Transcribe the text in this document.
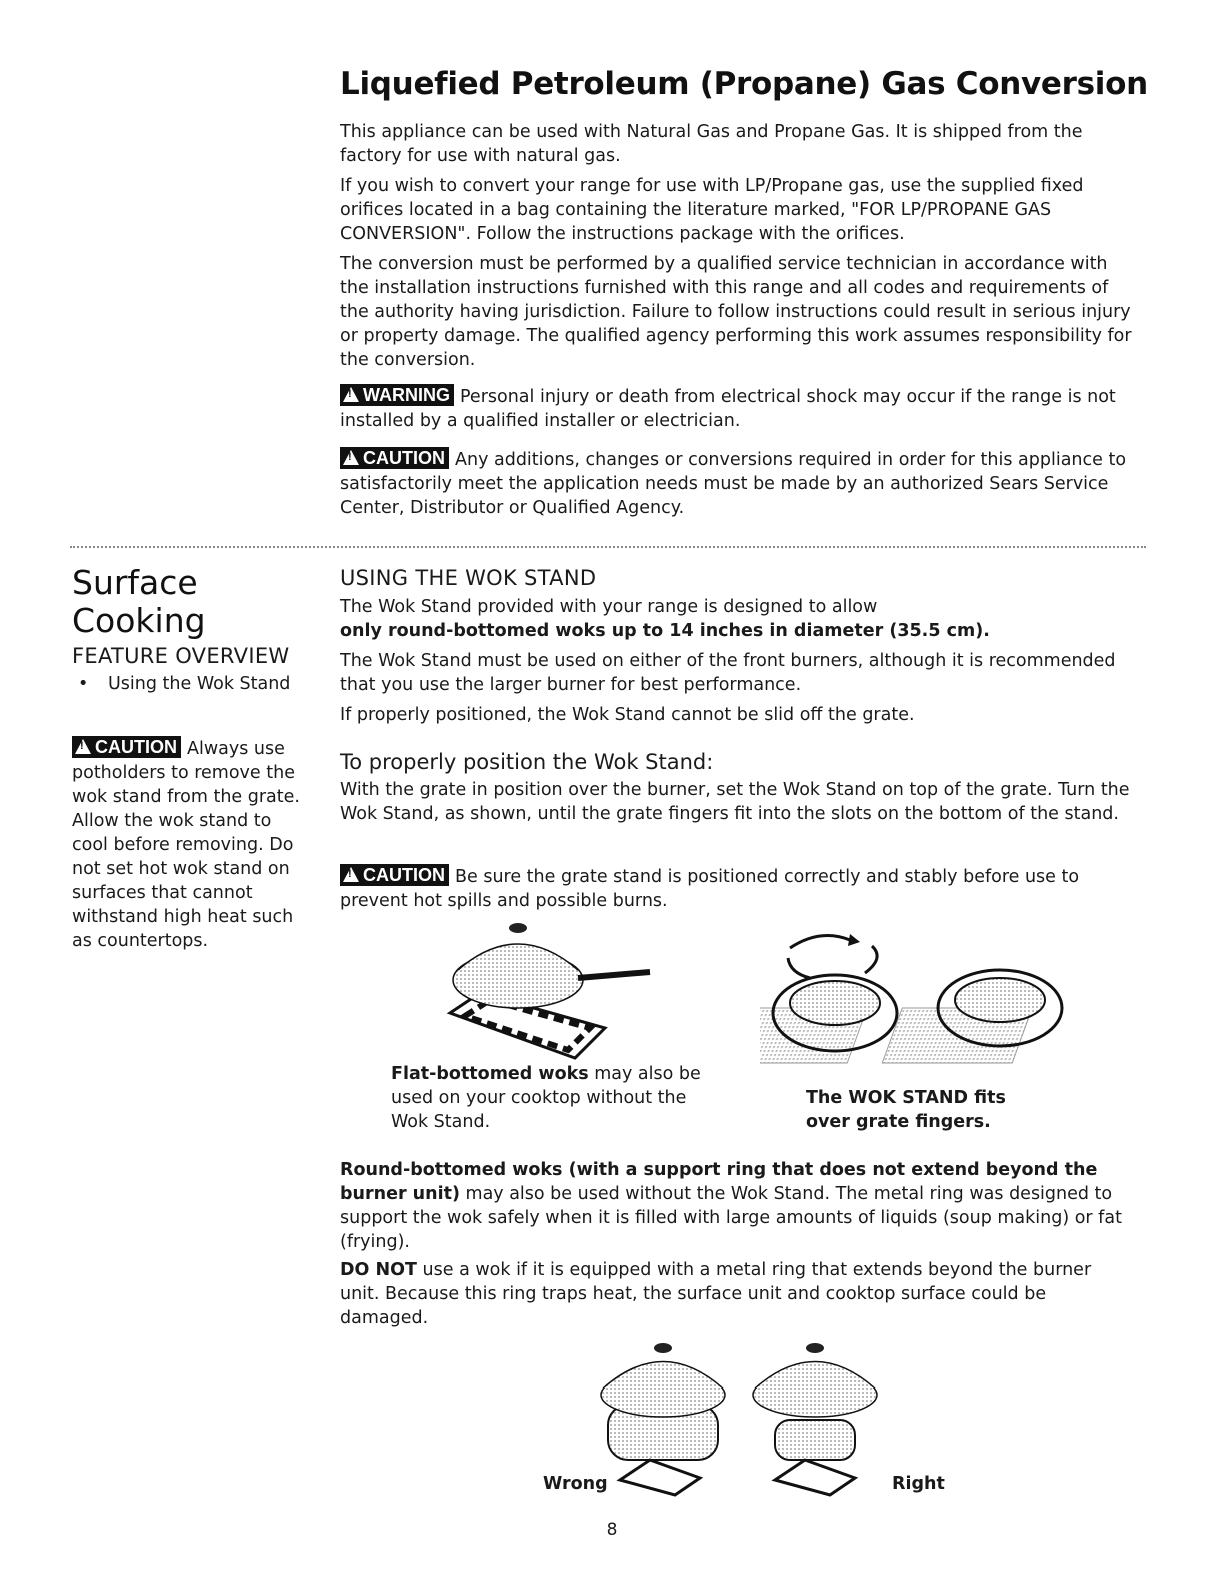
Liquefied Petroleum (Propane) Gas Conversion

This appliance can be used with Natural Gas and Propane Gas. It is shipped from the factory for use with natural gas.

If you wish to convert your range for use with LP/Propane gas, use the supplied fixed orifices located in a bag containing the literature marked, "FOR LP/PROPANE GAS CONVERSION". Follow the instructions package with the orifices.

The conversion must be performed by a qualified service technician in accordance with the installation instructions furnished with this range and all codes and requirements of the authority having jurisdiction. Failure to follow instructions could result in serious injury or property damage. The qualified agency performing this work assumes responsibility for the conversion.

!WARNING Personal injury or death from electrical shock may occur if the range is not installed by a qualified installer or electrician.

!CAUTION Any additions, changes or conversions required in order for this appliance to satisfactorily meet the application needs must be made by an authorized Sears Service Center, Distributor or Qualified Agency.

Surface
Cooking
FEATURE OVERVIEW
• Using the Wok Stand
!CAUTION Always use potholders to remove the wok stand from the grate. Allow the wok stand to cool before removing. Do not set hot wok stand on surfaces that cannot withstand high heat such as countertops.
USING THE WOK STAND

The Wok Stand provided with your range is designed to allow
only round-bottomed woks up to 14 inches in diameter (35.5 cm).

The Wok Stand must be used on either of the front burners, although it is recommended that you use the larger burner for best performance.

If properly positioned, the Wok Stand cannot be slid off the grate.

To properly position the Wok Stand:

With the grate in position over the burner, set the Wok Stand on top of the grate. Turn the Wok Stand, as shown, until the grate fingers fit into the slots on the bottom of the stand.

!CAUTION Be sure the grate stand is positioned correctly and stably before use to prevent hot spills and possible burns.

Flat-bottomed woks may also be used on your cooktop without the Wok Stand.
The WOK STAND fits over grate fingers.

Round-bottomed woks (with a support ring that does not extend beyond the burner unit) may also be used without the Wok Stand. The metal ring was designed to support the wok safely when it is filled with large amounts of liquids (soup making) or fat (frying).

DO NOT use a wok if it is equipped with a metal ring that extends beyond the burner unit. Because this ring traps heat, the surface unit and cooktop surface could be damaged.

Wrong	Right
8
